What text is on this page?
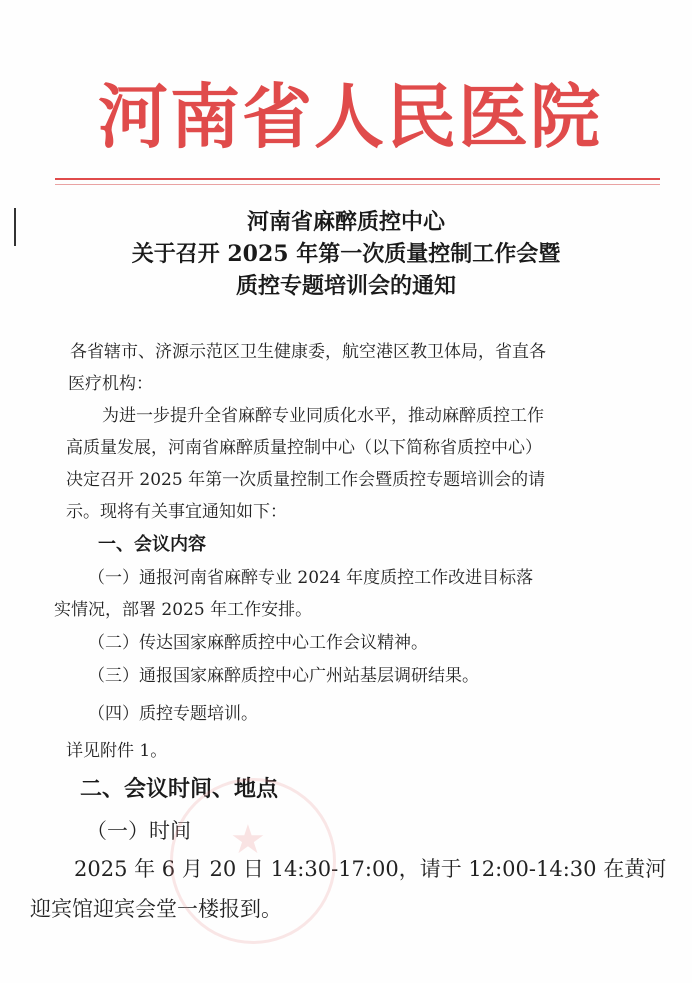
河南省人民医院
河南省麻醉质控中心
关于召开 2025 年第一次质量控制工作会暨
质控专题培训会的通知
各省辖市、济源示范区卫生健康委，航空港区教卫体局，省直各
医疗机构：
为进一步提升全省麻醉专业同质化水平，推动麻醉质控工作
高质量发展，河南省麻醉质量控制中心（以下简称省质控中心）
决定召开 2025 年第一次质量控制工作会暨质控专题培训会的请
示。现将有关事宜通知如下：
一、会议内容
（一）通报河南省麻醉专业 2024 年度质控工作改进目标落
实情况，部署 2025 年工作安排。
（二）传达国家麻醉质控中心工作会议精神。
（三）通报国家麻醉质控中心广州站基层调研结果。
（四）质控专题培训。
详见附件 1。
二、会议时间、地点
（一）时间
2025 年 6 月 20 日 14:30-17:00，请于 12:00-14:30 在黄河
迎宾馆迎宾会堂一楼报到。
★
